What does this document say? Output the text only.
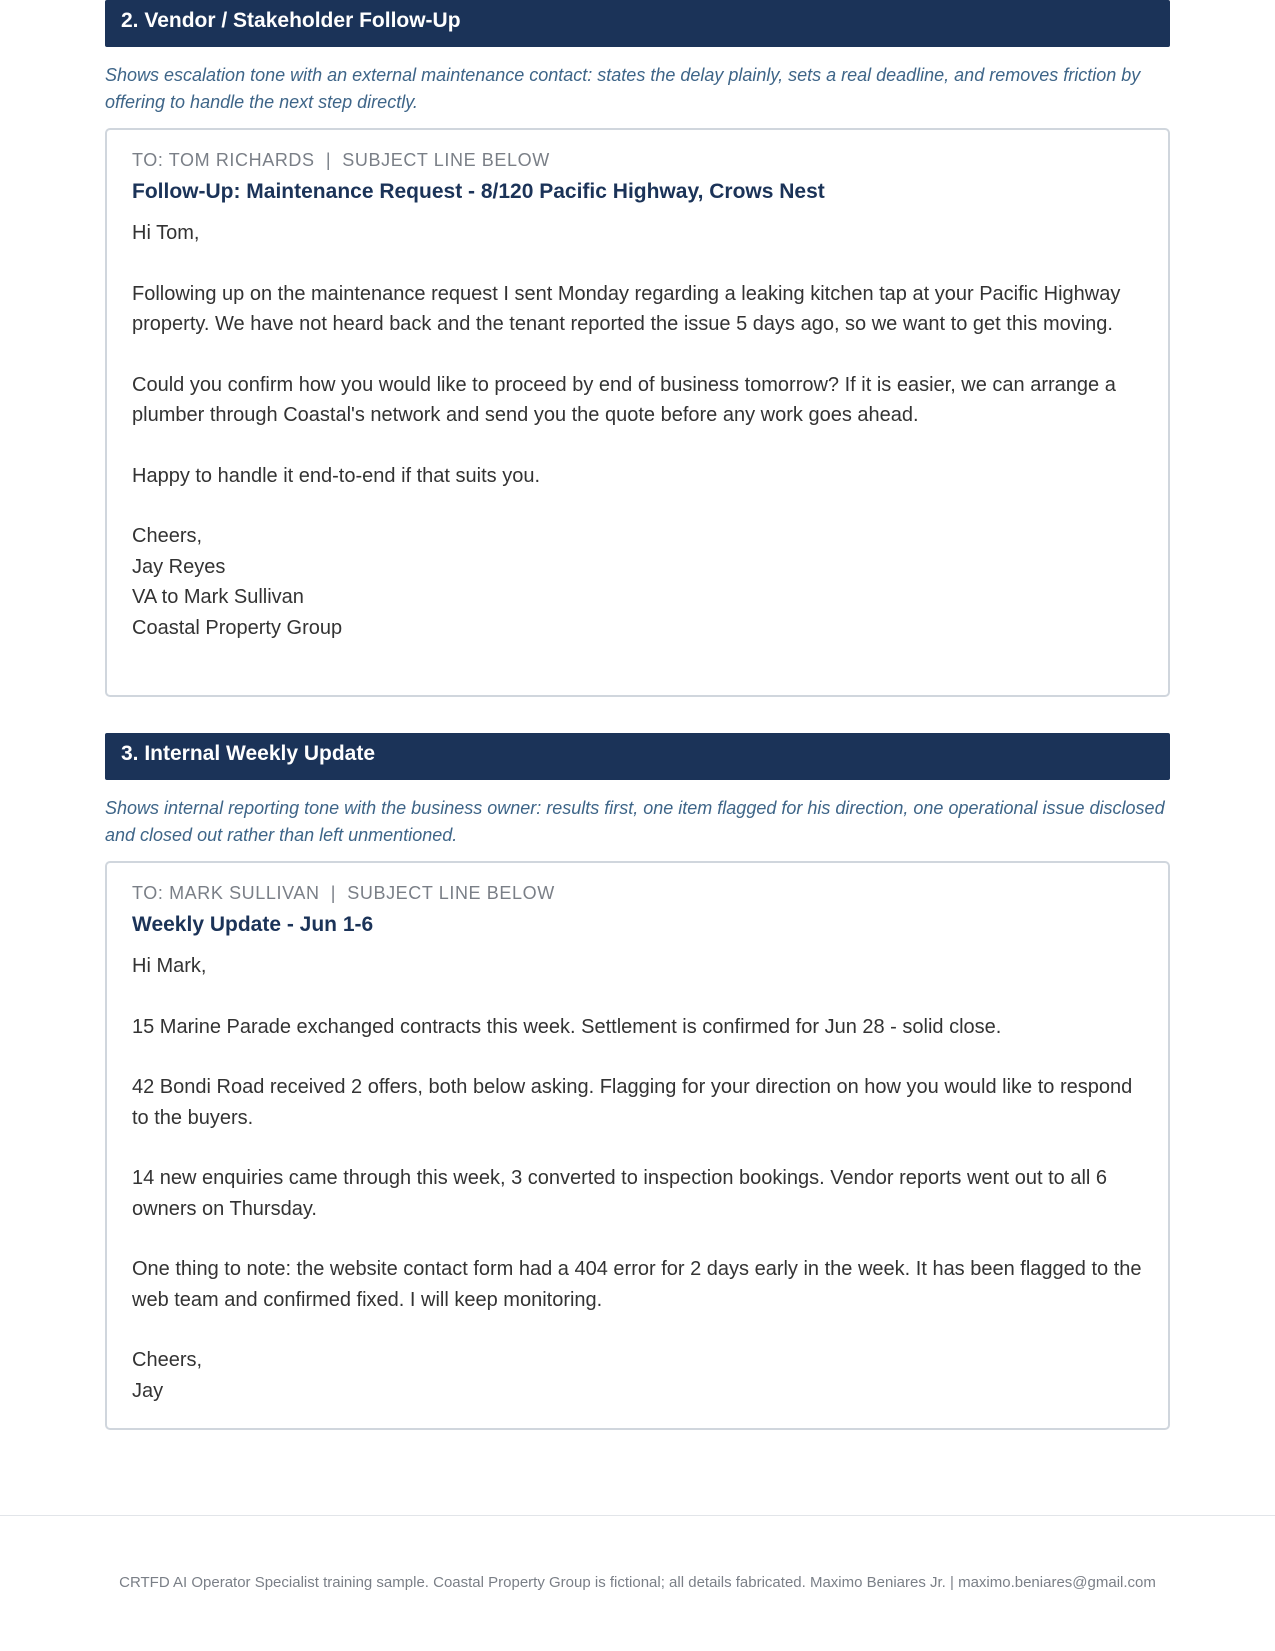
2. Vendor / Stakeholder Follow-Up
Shows escalation tone with an external maintenance contact: states the delay plainly, sets a real deadline, and removes friction by offering to handle the next step directly.
TO: TOM RICHARDS  |  SUBJECT LINE BELOW
Follow-Up: Maintenance Request - 8/120 Pacific Highway, Crows Nest

Hi Tom,

Following up on the maintenance request I sent Monday regarding a leaking kitchen tap at your Pacific Highway property. We have not heard back and the tenant reported the issue 5 days ago, so we want to get this moving.

Could you confirm how you would like to proceed by end of business tomorrow? If it is easier, we can arrange a plumber through Coastal's network and send you the quote before any work goes ahead.

Happy to handle it end-to-end if that suits you.

Cheers,
Jay Reyes
VA to Mark Sullivan
Coastal Property Group

3. Internal Weekly Update
Shows internal reporting tone with the business owner: results first, one item flagged for his direction, one operational issue disclosed and closed out rather than left unmentioned.
TO: MARK SULLIVAN  |  SUBJECT LINE BELOW
Weekly Update - Jun 1-6

Hi Mark,

15 Marine Parade exchanged contracts this week. Settlement is confirmed for Jun 28 - solid close.

42 Bondi Road received 2 offers, both below asking. Flagging for your direction on how you would like to respond to the buyers.

14 new enquiries came through this week, 3 converted to inspection bookings. Vendor reports went out to all 6 owners on Thursday.

One thing to note: the website contact form had a 404 error for 2 days early in the week. It has been flagged to the web team and confirmed fixed. I will keep monitoring.

Cheers,
Jay

CRTFD AI Operator Specialist training sample. Coastal Property Group is fictional; all details fabricated. Maximo Beniares Jr. | maximo.beniares@gmail.com
